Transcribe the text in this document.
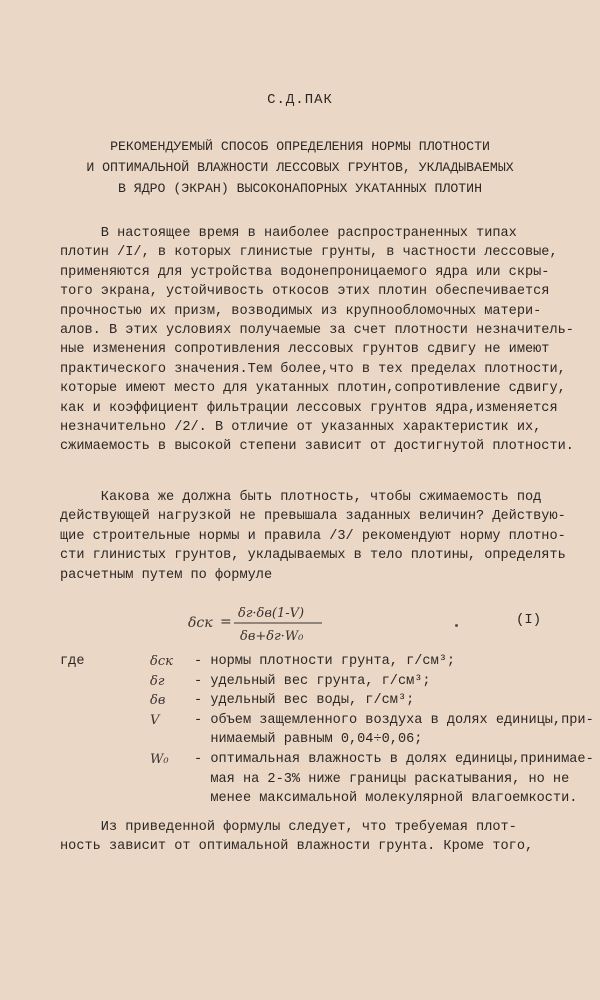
С.Д.ПАК
РЕКОМЕНДУЕМЫЙ СПОСОБ ОПРЕДЕЛЕНИЯ НОРМЫ ПЛОТНОСТИ
И ОПТИМАЛЬНОЙ ВЛАЖНОСТИ ЛЕССОВЫХ ГРУНТОВ, УКЛАДЫВАЕМЫХ
В ЯДРО (ЭКРАН) ВЫСОКОНАПОРНЫХ УКАТАННЫХ ПЛОТИН
В настоящее время в наиболее распространенных типах
плотин /I/, в которых глинистые грунты, в частности лессовые,
применяются для устройства водонепроницаемого ядра или скры-
того экрана, устойчивость откосов этих плотин обеспечивается
прочностью их призм, возводимых из крупнообломочных матери-
алов. В этих условиях получаемые за счет плотности незначитель-
ные изменения сопротивления лессовых грунтов сдвигу не имеют
практического значения.Тем более,что в тех пределах плотности,
которые имеют место для укатанных плотин,сопротивление сдвигу,
как и коэффициент фильтрации лессовых грунтов ядра,изменяется
незначительно /2/. В отличие от указанных характеристик их,
сжимаемость в высокой степени зависит от достигнутой плотности.
Какова же должна быть плотность, чтобы сжимаемость под
действующей нагрузкой не превышала заданных величин? Действую-
щие строительные нормы и правила /3/ рекомендуют норму плотно-
сти глинистых грунтов, укладываемых в тело плотины, определять
расчетным путем по формуле
δск =
δг·δв(1-V)
δв+δг·W₀
(I)
где	δск - нормы плотности грунта, г/см³;
δг - удельный вес грунта, г/см³;
δв - удельный вес воды, г/см³;
V	- объем защемленного воздуха в долях единицы,при-
нимаемый равным 0,04÷0,06;
W₀ - оптимальная влажность в долях единицы,принимае-
мая на 2-3% ниже границы раскатывания, но не
менее максимальной молекулярной влагоемкости.
Из приведенной формулы следует, что требуемая плот-
ность зависит от оптимальной влажности грунта. Кроме того,
